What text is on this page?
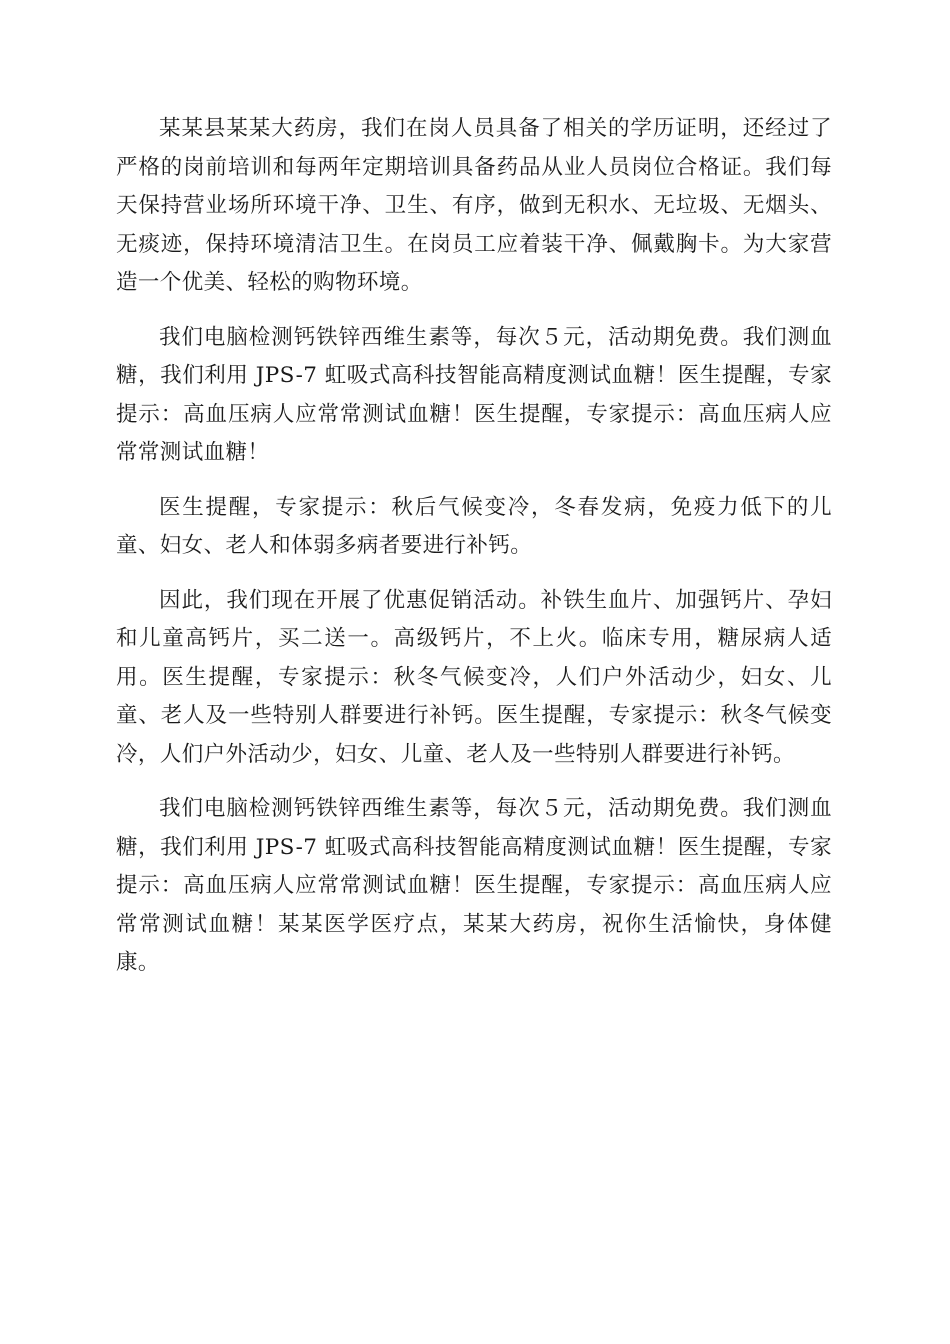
某某县某某大药房，我们在岗人员具备了相关的学历证明，还经过了严格的岗前培训和每两年定期培训具备药品从业人员岗位合格证。我们每天保持营业场所环境干净、卫生、有序，做到无积水、无垃圾、无烟头、无痰迹，保持环境清洁卫生。在岗员工应着装干净、佩戴胸卡。为大家营造一个优美、轻松的购物环境。

我们电脑检测钙铁锌西维生素等，每次５元，活动期免费。我们测血糖，我们利用 JPS-7 虹吸式高科技智能高精度测试血糖！医生提醒，专家提示：高血压病人应常常测试血糖！医生提醒，专家提示：高血压病人应常常测试血糖！

医生提醒，专家提示：秋后气候变冷，冬春发病，免疫力低下的儿童、妇女、老人和体弱多病者要进行补钙。

因此，我们现在开展了优惠促销活动。补铁生血片、加强钙片、孕妇和儿童高钙片，买二送一。高级钙片，不上火。临床专用，糖尿病人适用。医生提醒，专家提示：秋冬气候变冷，人们户外活动少，妇女、儿童、老人及一些特别人群要进行补钙。医生提醒，专家提示：秋冬气候变冷，人们户外活动少，妇女、儿童、老人及一些特别人群要进行补钙。

我们电脑检测钙铁锌西维生素等，每次５元，活动期免费。我们测血糖，我们利用 JPS-7 虹吸式高科技智能高精度测试血糖！医生提醒，专家提示：高血压病人应常常测试血糖！医生提醒，专家提示：高血压病人应常常测试血糖！某某医学医疗点，某某大药房，祝你生活愉快，身体健康。
